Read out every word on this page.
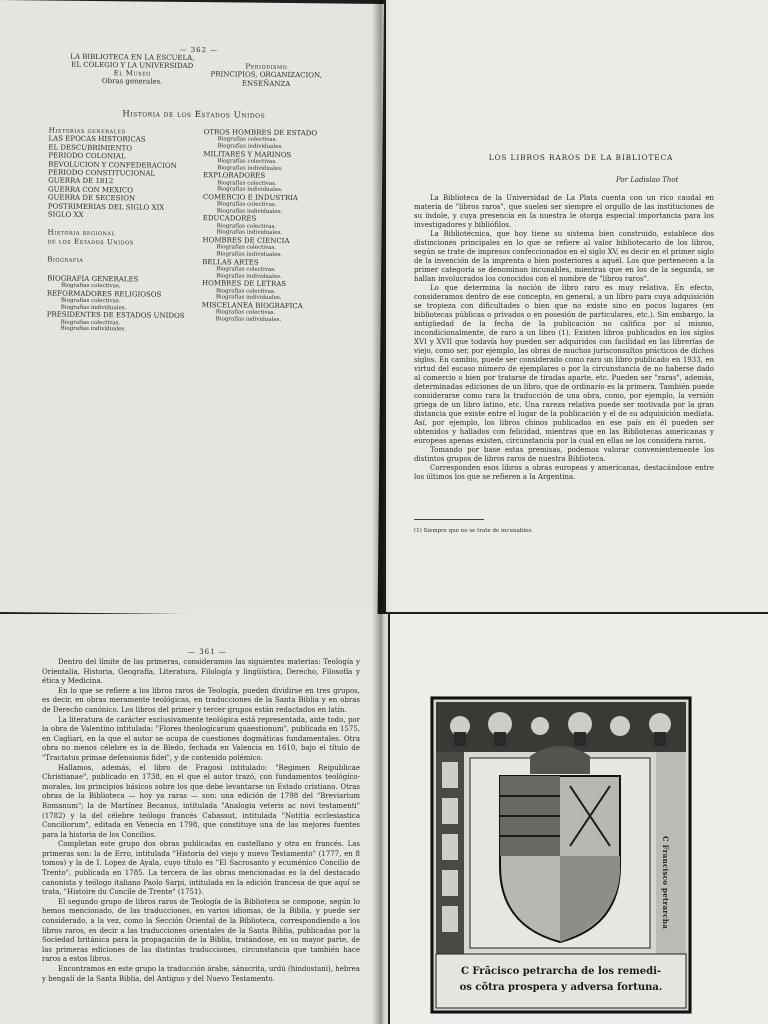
— 362 —
LA BIBLIOTECA EN LA ESCUELA,
EL COLEGIO Y LA UNIVERSIDAD
El Museo
Obras generales.
Periodismo
PRINCIPIOS, ORGANIZACION,
ENSEÑANZA
Historia de los Estados Unidos
Historias generales
LAS EPOCAS HISTORICAS
EL DESCUBRIMIENTO
PERIODO COLONIAL
REVOLUCION Y CONFEDERACION
PERIODO CONSTITUCIONAL
GUERRA DE 1812
GUERRA CON MEXICO
GUERRA DE SECESION
POSTRIMERIAS DEL SIGLO XIX
SIGLO XX
Historia regional
de los Estados Unidos
Biografia
BIOGRAFIA GENERALES
Biografías colectivas.
REFORMADORES RELIGIOSOS
Biografías colectivas.
Biografías individuales.
PRESIDENTES DE ESTADOS UNIDOS
Biografías colectivas.
Biografías individuales.
OTROS HOMBRES DE ESTADO
Biografías colectivas.
Biografías individuales.
MILITARES Y MARINOS
Biografías colectivas.
Biografías individuales.
EXPLORADORES
Biografías colectivas.
Biografías individuales.
COMERCIO E INDUSTRIA
Biografías colectivas.
Biografías individuales.
EDUCADORES
Biografías colectivas.
Biografías individuales.
HOMBRES DE CIENCIA
Biografías colectivas.
Biografías individuales.
BELLAS ARTES
Biografías colectivas.
Biografías individuales.
HOMBRES DE LETRAS
Biografías colectivas.
Biografías individuales.
MISCELANEA BIOGRAFICA
Biografías colectivas.
Biografías individuales.
LOS LIBROS RAROS DE LA BIBLIOTECA
Por Ladislao Thot

La Biblioteca de la Universidad de La Plata cuenta con un rico caudal en materia de "libros raros", que suelen ser siempre el orgullo de las instituciones de su índole, y cuya presencia en la nuestra le otorga especial importancia para los investigadores y bibliófilos.

La Bibliotécnica, que hoy tiene su sistema bien construido, establece dos distinciones principales en lo que se refiere al valor bibliotecario de los libros, según se trate de impresos confeccionados en el siglo XV, es decir en el primer siglo de la invención de la imprenta o bien posteriores a aquél. Los que pertenecen a la primer categoría se denominan incunables, mientras que en los de la segunda, se hallan involucrados los conocidos con el nombre de "libros raros".

Lo que determina la noción de libro raro es muy relativa. En efecto, consideramos dentro de ese concepto, en general, a un libro para cuya adquisición se tropieza con dificultades o bien que no existe sino en pocos lugares (en bibliotecas públicas o privados o en posesión de particulares, etc.). Sin embargo, la antigüedad de la fecha de la publicación no califica por sí mismo, incondicionalmente, de raro a un libro (1). Existen libros publicados en los siglos XVI y XVII que todavía hoy pueden ser adquiridos con facilidad en las librerías de viejo, como ser, por ejemplo, las obras de muchos jurisconsultos prácticos de dichos siglos. En cambio, puede ser considerado como raro un libro publicado en 1933, en virtud del escaso número de ejemplares o por la circunstancia de no haberse dado al comercio o bien por tratarse de tiradas aparte, etc. Pueden ser "raras", además, determinadas ediciones de un libro, que de ordinario es la primera. También puede considerarse como rara la traducción de una obra, como, por ejemplo, la versión griega de un libro latino, etc. Una rareza relativa puede ser motivada por la gran distancia que existe entre el lugar de la publicación y el de su adquisición mediata. Así, por ejemplo, los libros chinos publicados en ese país en él pueden ser obtenidos y hallados con felicidad, mientras que en las Bibliotecas americanas y europeas apenas existen, circunstancia por la cual en ellas se los considera raros.

Tomando por base estas premisas, podemos valorar convenientemente los distintos grupos de libros raros de nuestra Biblioteca.

Corresponden esos libros a obras europeas y americanas, destacándose entre los últimos los que se refieren a la Argentina.

(1) Siempre que no se trate de incunables.
— 361 —

Dentro del límite de las primeras, consideramos las siguientes materias: Teología y Orientalia, Historia, Geografía, Literatura, Filología y lingüística, Derecho, Filosofía y ética y Medicina.

En lo que se refiere a los libros raros de Teología, pueden dividirse en tres grupos, es decir, en obras meramente teológicas, en traducciones de la Santa Biblia y en obras de Derecho canónico. Los libros del primer y tercer grupos están redactados en latín.

La literatura de carácter exclusivamente teológica está representada, ante todo, por la obra de Valentino intitulada: "Flores theologicarum quaestionum", publicada en 1575, en Cagliari, en la que el autor se ocupa de cuestiones dogmáticas fundamentales. Otra obra no menos célebre es la de Bledo, fechada en Valencia en 1610, bajo el título de "Tractatus primae defensionis fidei", y de contenido polémico.

Hallamos, además, el libro de Fragosi intitulado: "Regimen Reipublicae Christianae", publicado en 1738, en el que el autor trazó, con fundamentos teológico-morales, los principios básicos sobre los que debe levantarse un Estado cristiano. Otras obras de la Biblioteca — hoy ya raras — son: una edición de 1798 del "Breviarium Romanum"; la de Martínez Becanus, intitulada "Analogia veteris ac novi testamenti" (1782) y la del célebre teólogo francés Cabassut, intitulada "Notitia ecclesiastica Conciliorum", editada en Venecia en 1798, que constituye una de las mejores fuentes para la historia de los Concilios.

Completan este grupo dos obras publicadas en castellano y otra en francés. Las primeras son: la de Erro, intitulada "Historia del viejo y nuevo Testamento" (1777, en 8 tomos) y la de I. Lopez de Ayala, cuyo título es "El Sacrosanto y ecuménico Concilio de Trento", publicada en 1785. La tercera de las obras mencionadas es la del destacado canonista y teólogo italiano Paolo Sarpi, intitulada en la edición francesa de que aquí se trata, "Histoire du Concile de Trente" (1751).

El segundo grupo de libros raros de Teología de la Biblioteca se compone, según lo hemos mencionado, de las traducciones, en varios idiomas, de la Biblia, y puede ser considerado, a la vez, como la Sección Oriental de la Biblioteca, correspondiendo a los libros raros, es decir a las traducciones orientales de la Santa Biblia, publicadas por la Sociedad británica para la propagación de la Biblia, tratándose, en su mayor parte, de las primeras ediciones de las distintas traducciones, circunstancia que también hace raros a estos libros.

Encontramos en este grupo la traducción árabe, sánscrita, urdú (hindostani), hebrea y bengalí de la Santa Biblia, del Antiguo y del Nuevo Testamento.

C Francisco petrarcha
C Frãcisco petrarcha de los remedi-
os cõtra prospera y adversa fortuna.
